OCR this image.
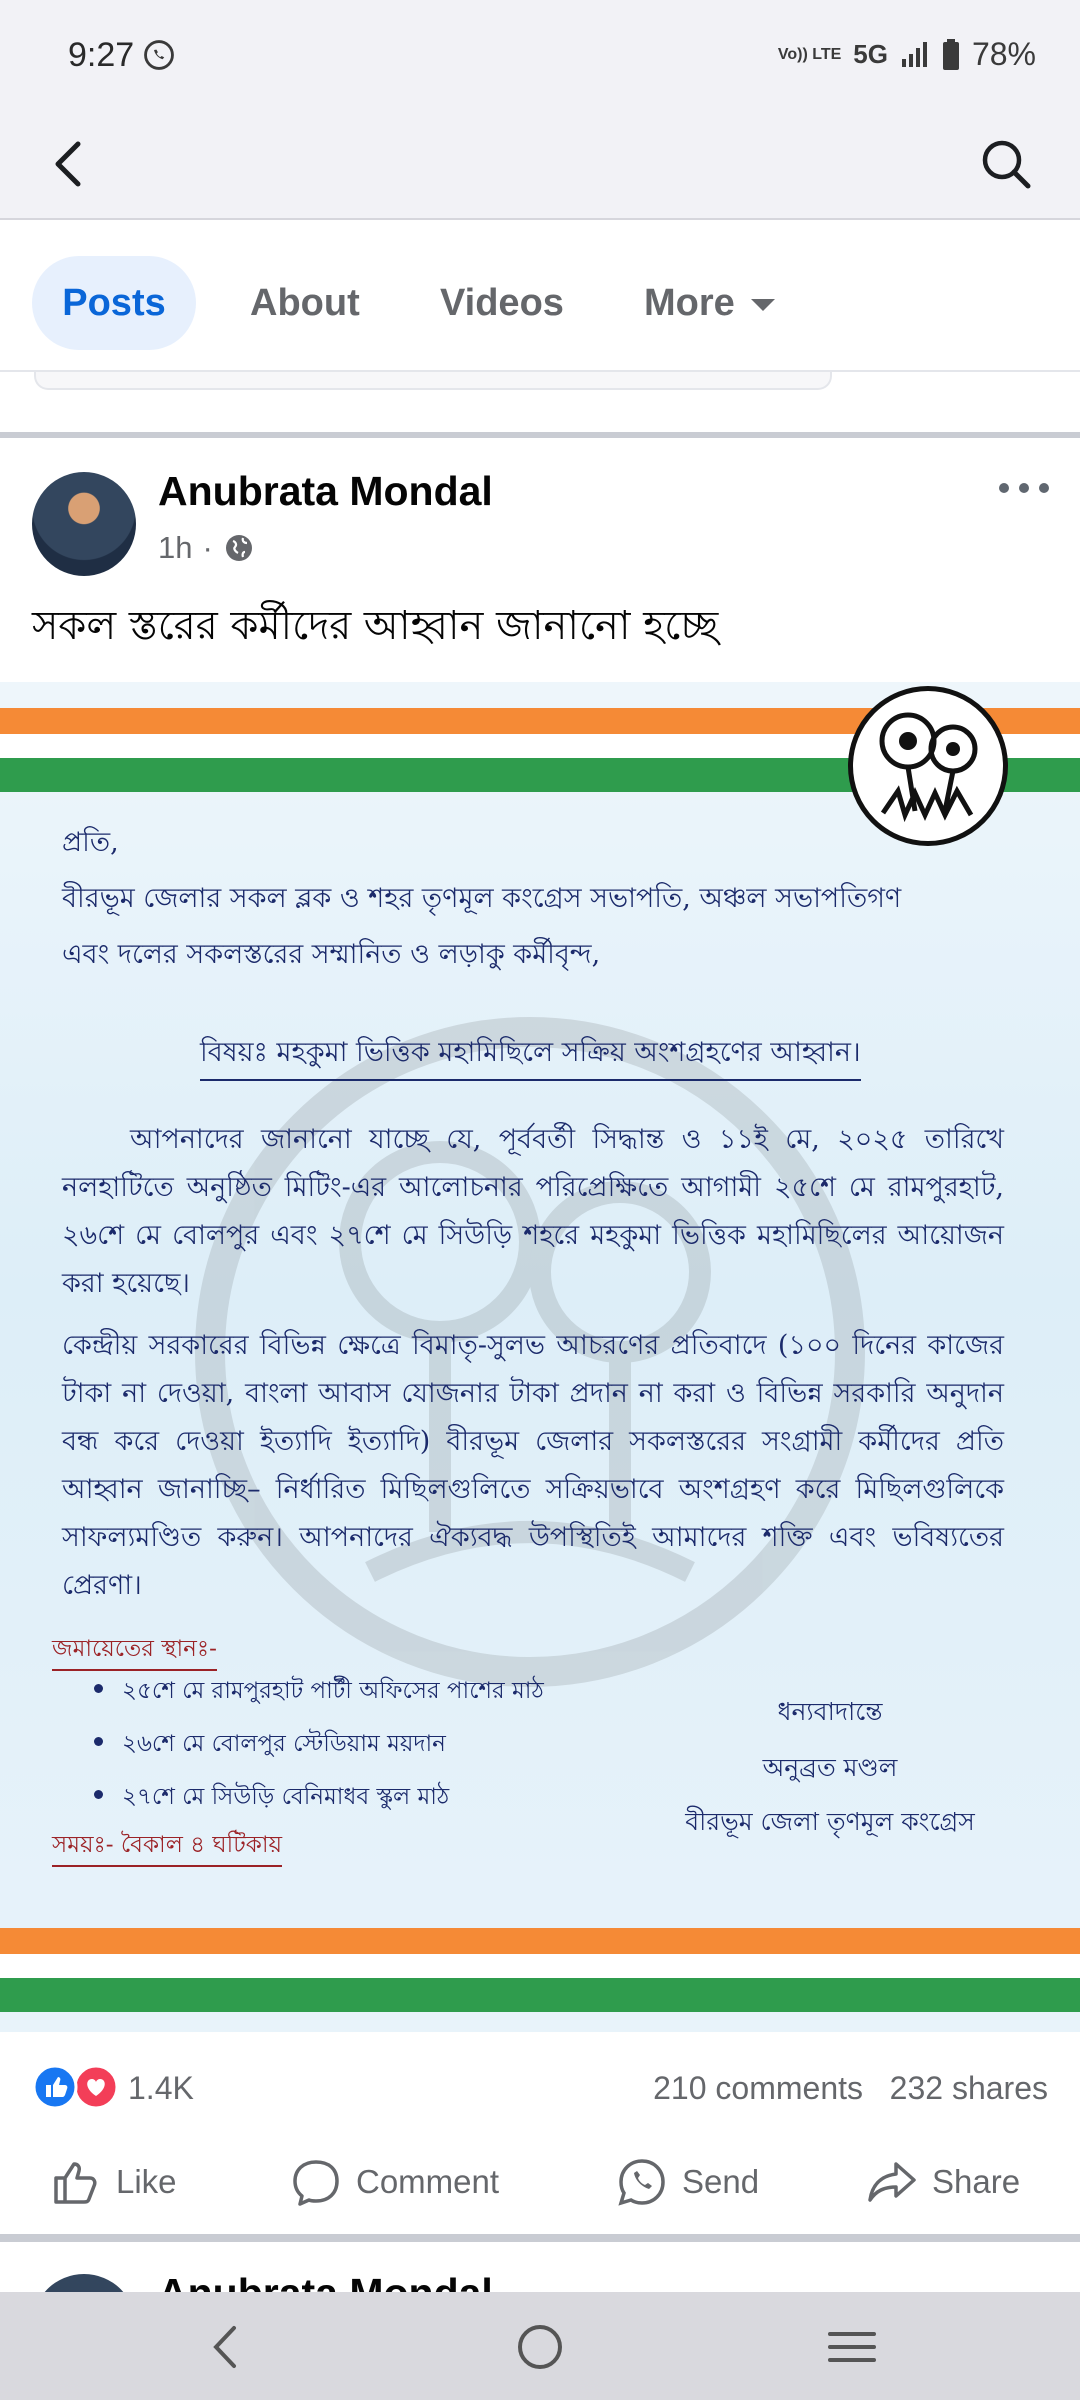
9:27	Vo)) LTE 5G	78%
Posts	About Videos More
Anubrata Mondal
1h ·
সকল স্তরের কর্মীদের আহ্বান জানানো হচ্ছে
প্রতি,
বীরভূম জেলার সকল ব্লক ও শহর তৃণমূল কংগ্রেস সভাপতি, অঞ্চল সভাপতিগণ
এবং দলের সকলস্তরের সম্মানিত ও লড়াকু কর্মীবৃন্দ,
বিষয়ঃ মহকুমা ভিত্তিক মহামিছিলে সক্রিয় অংশগ্রহণের আহ্বান।
আপনাদের জানানো যাচ্ছে যে, পূর্ববর্তী সিদ্ধান্ত ও ১১ই মে, ২০২৫ তারিখে নলহাটিতে অনুষ্ঠিত মিটিং-এর আলোচনার পরিপ্রেক্ষিতে আগামী ২৫শে মে রামপুরহাট, ২৬শে মে বোলপুর এবং ২৭শে মে সিউড়ি শহরে মহকুমা ভিত্তিক মহামিছিলের আয়োজন করা হয়েছে।
কেন্দ্রীয় সরকারের বিভিন্ন ক্ষেত্রে বিমাতৃ-সুলভ আচরণের প্রতিবাদে (১০০ দিনের কাজের টাকা না দেওয়া, বাংলা আবাস যোজনার টাকা প্রদান না করা ও বিভিন্ন সরকারি অনুদান বন্ধ করে দেওয়া ইত্যাদি ইত্যাদি) বীরভূম জেলার সকলস্তরের সংগ্রামী কর্মীদের প্রতি আহ্বান জানাচ্ছি– নির্ধারিত মিছিলগুলিতে সক্রিয়ভাবে অংশগ্রহণ করে মিছিলগুলিকে সাফল্যমণ্ডিত করুন। আপনাদের ঐক্যবদ্ধ উপস্থিতিই আমাদের শক্তি এবং ভবিষ্যতের প্রেরণা।
জমায়েতের স্থানঃ-
২৫শে মে রামপুরহাট পার্টী অফিসের পাশের মাঠ
২৬শে মে বোলপুর স্টেডিয়াম ময়দান
২৭শে মে সিউড়ি বেনিমাধব স্কুল মাঠ
সময়ঃ- বৈকাল ৪ ঘটিকায়
ধন্যবাদান্তে
অনুব্রত মণ্ডল
বীরভূম জেলা তৃণমূল কংগ্রেস
1.4K	210 comments 232 shares
Like	Comment	Send	Share
